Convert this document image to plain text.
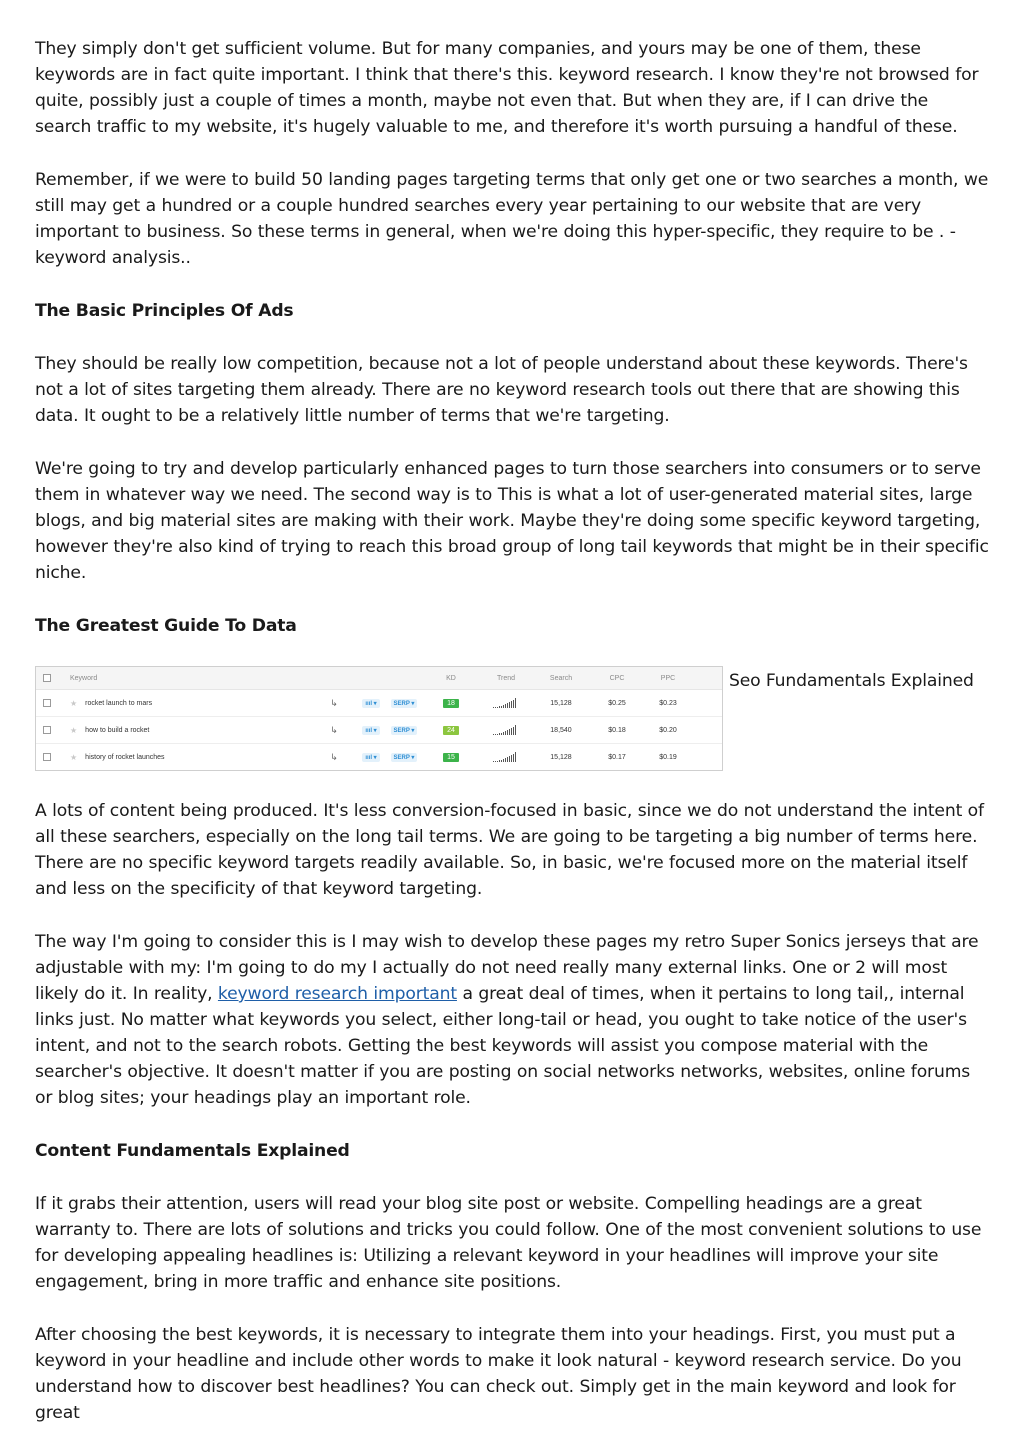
They simply don't get sufficient volume. But for many companies, and yours may be one of them, these keywords are in fact quite important. I think that there's this. keyword research. I know they're not browsed for quite, possibly just a couple of times a month, maybe not even that. But when they are, if I can drive the search traffic to my website, it's hugely valuable to me, and therefore it's worth pursuing a handful of these.

Remember, if we were to build 50 landing pages targeting terms that only get one or two searches a month, we still may get a hundred or a couple hundred searches every year pertaining to our website that are very important to business. So these terms in general, when we're doing this hyper-specific, they require to be . - keyword analysis..

The Basic Principles Of Ads

They should be really low competition, because not a lot of people understand about these keywords. There's not a lot of sites targeting them already. There are no keyword research tools out there that are showing this data. It ought to be a relatively little number of terms that we're targeting.

We're going to try and develop particularly enhanced pages to turn those searchers into consumers or to serve them in whatever way we need. The second way is to This is what a lot of user-generated material sites, large blogs, and big material sites are making with their work. Maybe they're doing some specific keyword targeting, however they're also kind of trying to reach this broad group of long tail keywords that might be in their specific niche.

The Greatest Guide To Data
Keyword	KD	Trend	Search	CPC	PPC
★ rocket launch to mars	↳	ıııl ▾	SERP ▾	18	15,128	$0.25	$0.23
★ how to build a rocket	↳	ıııl ▾	SERP ▾	24	18,540	$0.18	$0.20
★ history of rocket launches	↳	ıııl ▾	SERP ▾	15	15,128	$0.17	$0.19
Seo Fundamentals Explained

A lots of content being produced. It's less conversion-focused in basic, since we do not understand the intent of all these searchers, especially on the long tail terms. We are going to be targeting a big number of terms here. There are no specific keyword targets readily available. So, in basic, we're focused more on the material itself and less on the specificity of that keyword targeting.

The way I'm going to consider this is I may wish to develop these pages my retro Super Sonics jerseys that are adjustable with my: I'm going to do my I actually do not need really many external links. One or 2 will most likely do it. In reality, keyword research important a great deal of times, when it pertains to long tail,, internal links just. No matter what keywords you select, either long-tail or head, you ought to take notice of the user's intent, and not to the search robots. Getting the best keywords will assist you compose material with the searcher's objective. It doesn't matter if you are posting on social networks networks, websites, online forums or blog sites; your headings play an important role.

Content Fundamentals Explained

If it grabs their attention, users will read your blog site post or website. Compelling headings are a great warranty to. There are lots of solutions and tricks you could follow. One of the most convenient solutions to use for developing appealing headlines is: Utilizing a relevant keyword in your headlines will improve your site engagement, bring in more traffic and enhance site positions.

After choosing the best keywords, it is necessary to integrate them into your headings. First, you must put a keyword in your headline and include other words to make it look natural - keyword research service. Do you understand how to discover best headlines? You can check out. Simply get in the main keyword and look for great
